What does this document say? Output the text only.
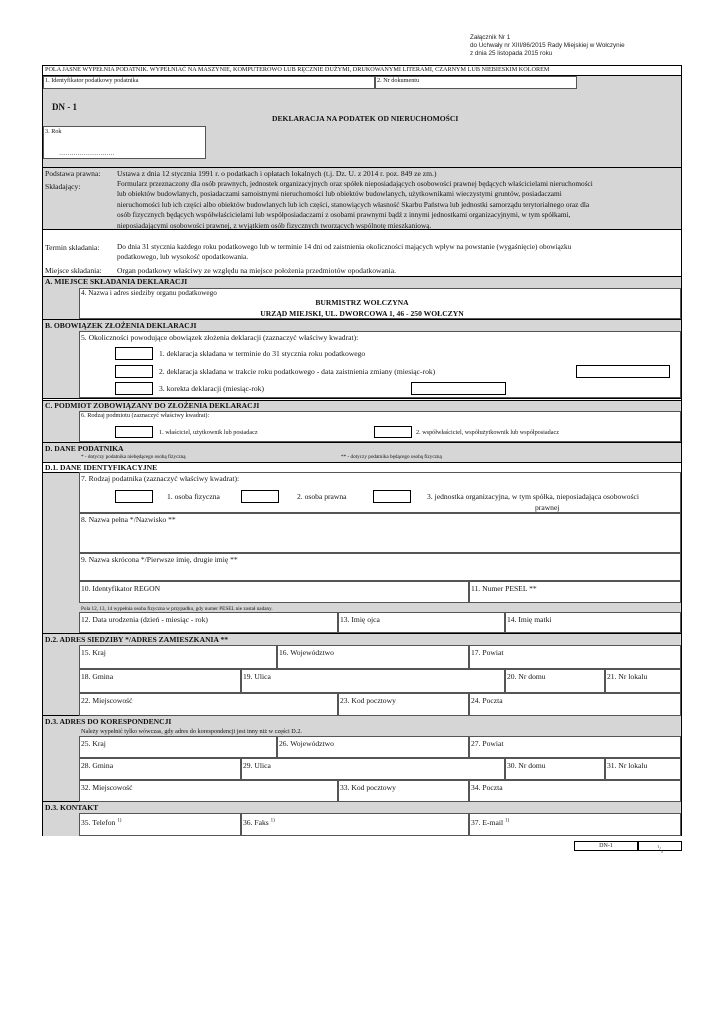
Załącznik Nr 1
do Uchwały nr XIII/86/2015 Rady Miejskiej w Wołczynie
z dnia 25 listopada 2015 roku
POLA JASNE WYPEŁNIA PODATNIK. WYPEŁNIAĆ NA MASZYNIE, KOMPUTEROWO LUB RĘCZNIE DUŻYMI, DRUKOWANYMI LITERAMI, CZARNYM LUB NIEBIESKIM KOLOREM
1. Identyfikator podatkowy podatnika	2. Nr dokumentu
DN - 1
DEKLARACJA NA PODATEK OD NIERUCHOMOŚCI
3. Rok
………………………
Podstawa prawna: Ustawa z dnia 12 stycznia 1991 r. o podatkach i opłatach lokalnych (t.j. Dz. U. z 2014 r. poz. 849 ze zm.)
Składający:	Formularz przeznaczony dla osób prawnych, jednostek organizacyjnych oraz spółek nieposiadających osobowości prawnej będących właścicielami nieruchomości
lub obiektów budowlanych, posiadaczami samoistnymi nieruchomości lub obiektów budowlanych, użytkownikami wieczystymi gruntów, posiadaczami
nieruchomości lub ich części albo obiektów budowlanych lub ich części, stanowiących własność Skarbu Państwa lub jednostki samorządu terytorialnego oraz dla
osób fizycznych będących współwłaścicielami lub współposiadaczami z osobami prawnymi bądź z innymi jednostkami organizacyjnymi, w tym spółkami,
nieposiadającymi osobowości prawnej, z wyjątkiem osób fizycznych tworzących wspólnotę mieszkaniową.
Termin składania: Do dnia 31 stycznia każdego roku podatkowego lub w terminie 14 dni od zaistnienia okoliczności mających wpływ na powstanie (wygaśnięcie) obowiązku
podatkowego, lub wysokość opodatkowania.
Miejsce składania: Organ podatkowy właściwy ze względu na miejsce położenia przedmiotów opodatkowania.
A. MIEJSCE SKŁADANIA DEKLARACJI
4. Nazwa i adres siedziby organu podatkowego
BURMISTRZ WOŁCZYNA
URZĄD MIEJSKI, UL. DWORCOWA 1, 46 - 250 WOŁCZYN
B. OBOWIĄZEK ZŁOŻENIA DEKLARACJI
5. Okoliczności powodujące obowiązek złożenia deklaracji (zaznaczyć właściwy kwadrat):
1. deklaracja składana w terminie do 31 stycznia roku podatkowego
2. deklaracja składana w trakcie roku podatkowego - data zaistnienia zmiany (miesiąc-rok)
3. korekta deklaracji (miesiąc-rok)
C. PODMIOT ZOBOWIĄZANY DO ZŁOŻENIA DEKLARACJI
6. Rodzaj podmiotu (zaznaczyć właściwy kwadrat):
1. właściciel, użytkownik lub posiadacz	2. współwłaściciel, współużytkownik lub współposiadacz
D. DANE PODATNIKA
* - dotyczy podatnika niebędącego osobą fizyczną	** - dotyczy podatnika będącego osobą fizyczną
D.1. DANE IDENTYFIKACYJNE
7. Rodzaj podatnika (zaznaczyć właściwy kwadrat):
1. osoba fizyczna	2. osoba prawna	3. jednostka organizacyjna, w tym spółka, nieposiadająca osobowości
prawnej
8. Nazwa pełna */Nazwisko **
9. Nazwa skrócona */Pierwsze imię, drugie imię **
10. Identyfikator REGON	11. Numer PESEL **
Pola 12, 13, 14 wypełnia osoba fizyczna w przypadku, gdy numer PESEL nie został nadany.
12. Data urodzenia (dzień - miesiąc - rok)	13. Imię ojca	14. Imię matki
D.2. ADRES SIEDZIBY */ADRES ZAMIESZKANIA **
15. Kraj	16. Województwo	17. Powiat
18. Gmina	19. Ulica	20. Nr domu	21. Nr lokalu
22. Miejscowość	23. Kod pocztowy	24. Poczta
D.3. ADRES DO KORESPONDENCJI
Należy wypełnić tylko wówczas, gdy adres do korespondencji jest inny niż w części D.2.
25. Kraj	26. Województwo	27. Powiat
28. Gmina	29. Ulica	30. Nr domu	31. Nr lokalu
32. Miejscowość	33. Kod pocztowy	34. Poczta
D.3. KONTAKT
35. Telefon $^{1)}$	36. Faks $^{1)}$	37. E-mail $^{1)}$
DN-1	$^1/_5$
